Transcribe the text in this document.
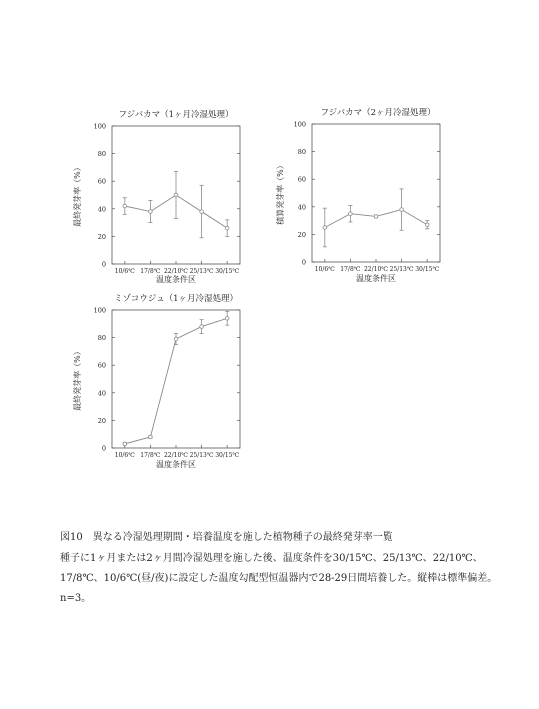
フジバカマ（1ヶ月冷湿処理）
0
20
40
60
80
100
10/6℃ 17/8℃ 22/10℃ 25/13℃ 30/15℃
温度条件区
最終発芽率（%）
フジバカマ（2ヶ月冷湿処理）
0
20
40
60
80
100
10/6℃ 17/8℃ 22/10℃ 25/13℃ 30/15℃
温度条件区
積算発芽率（%）
ミゾコウジュ（1ヶ月冷湿処理）
0
20
40
60
80
100
10/6℃ 17/8℃ 22/10℃ 25/13℃ 30/15℃
温度条件区
最終発芽率（%）
図10　異なる冷湿処理期間・培養温度を施した植物種子の最終発芽率一覧
種子に1ヶ月または2ヶ月間冷湿処理を施した後、温度条件を30/15℃、25/13℃、22/10℃、17/8℃、10/6℃(昼/夜)に設定した温度勾配型恒温器内で28-29日間培養した。縦棒は標準偏差。n=3。
